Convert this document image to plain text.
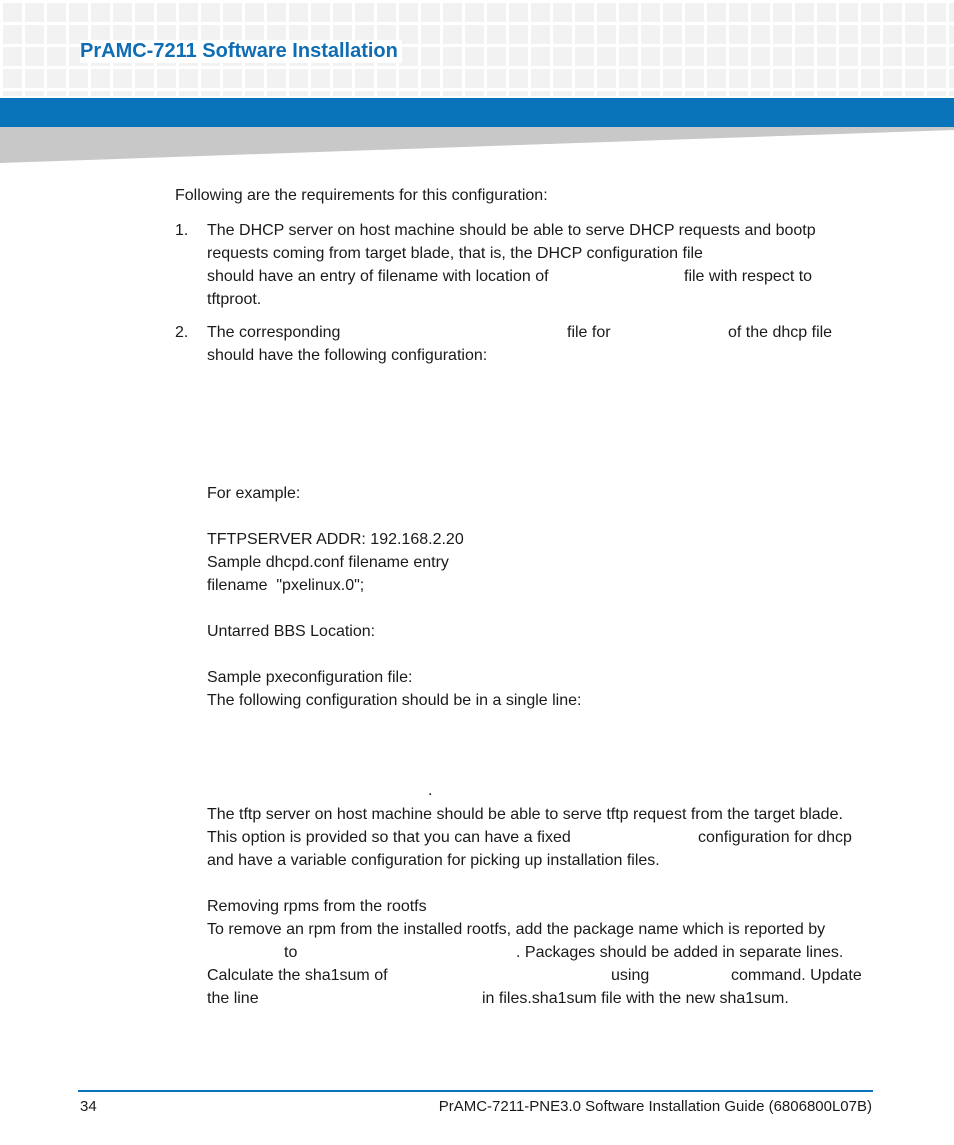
PrAMC-7211 Software Installation

Following are the requirements for this configuration:

1. The DHCP server on host machine should be able to serve DHCP requests and bootp

requests coming from target blade, that is, the DHCP configuration file

should have an entry of filename with location of	file with respect to

tftproot.

2. The corresponding	file for	of the dhcp file

should have the following configuration:

For example:

TFTPSERVER ADDR: 192.168.2.20

Sample dhcpd.conf filename entry

filename  "pxelinux.0";

Untarred BBS Location:

Sample pxeconfiguration file:

The following configuration should be in a single line:

.

The tftp server on host machine should be able to serve tftp request from the target blade.

This option is provided so that you can have a fixed	configuration for dhcp

and have a variable configuration for picking up installation files.

Removing rpms from the rootfs

To remove an rpm from the installed rootfs, add the package name which is reported by

to	. Packages should be added in separate lines.

Calculate the sha1sum of	using	command. Update

the line	in files.sha1sum file with the new sha1sum.

34	PrAMC-7211-PNE3.0 Software Installation Guide (6806800L07B)
